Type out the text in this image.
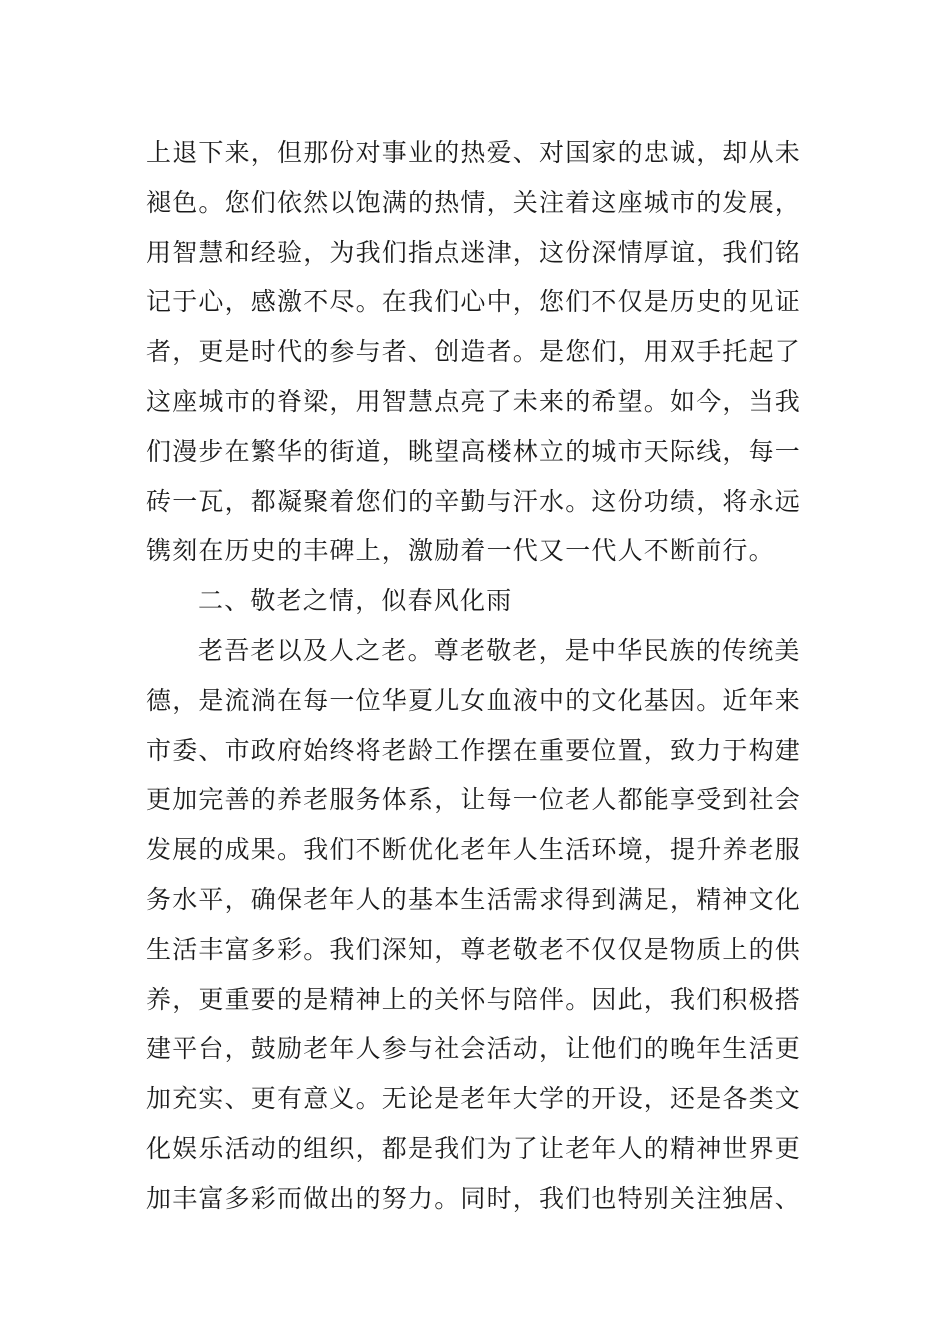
上退下来，但那份对事业的热爱、对国家的忠诚，却从未
褪色。您们依然以饱满的热情，关注着这座城市的发展，
用智慧和经验，为我们指点迷津，这份深情厚谊，我们铭
记于心，感激不尽。在我们心中，您们不仅是历史的见证
者，更是时代的参与者、创造者。是您们，用双手托起了
这座城市的脊梁，用智慧点亮了未来的希望。如今，当我
们漫步在繁华的街道，眺望高楼林立的城市天际线，每一
砖一瓦，都凝聚着您们的辛勤与汗水。这份功绩，将永远
镌刻在历史的丰碑上，激励着一代又一代人不断前行。
二、敬老之情，似春风化雨
老吾老以及人之老。尊老敬老，是中华民族的传统美
德，是流淌在每一位华夏儿女血液中的文化基因。近年来
市委、市政府始终将老龄工作摆在重要位置，致力于构建
更加完善的养老服务体系，让每一位老人都能享受到社会
发展的成果。我们不断优化老年人生活环境，提升养老服
务水平，确保老年人的基本生活需求得到满足，精神文化
生活丰富多彩。我们深知，尊老敬老不仅仅是物质上的供
养，更重要的是精神上的关怀与陪伴。因此，我们积极搭
建平台，鼓励老年人参与社会活动，让他们的晚年生活更
加充实、更有意义。无论是老年大学的开设，还是各类文
化娱乐活动的组织，都是我们为了让老年人的精神世界更
加丰富多彩而做出的努力。同时，我们也特别关注独居、
